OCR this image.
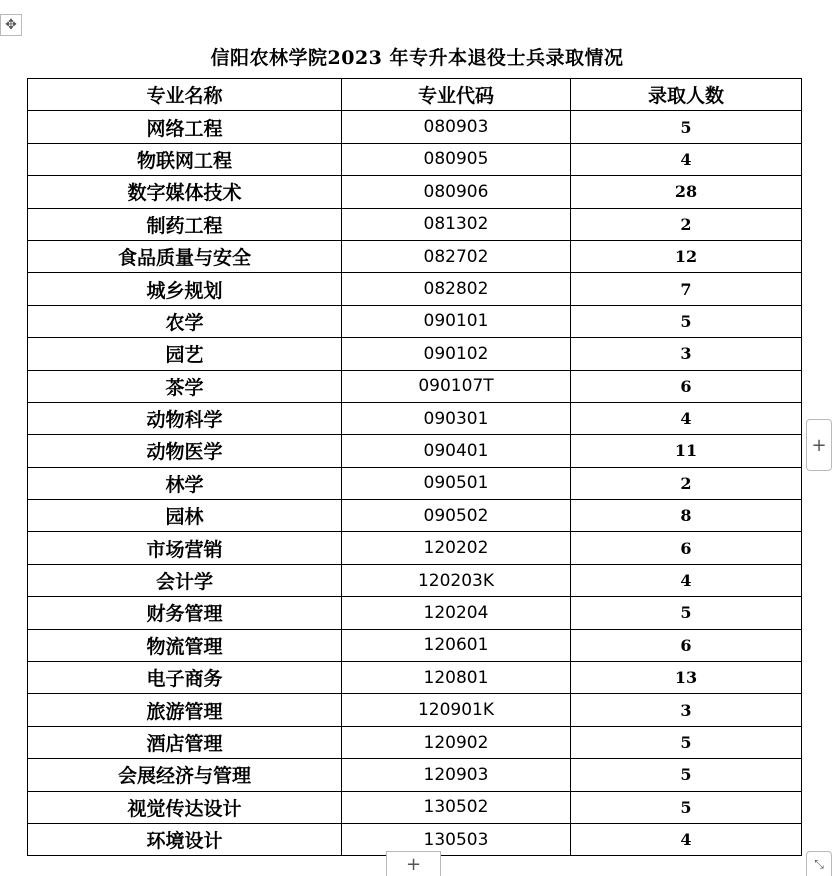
✥
信阳农林学院2023 年专升本退役士兵录取情况
专业名称	专业代码	录取人数
网络工程	080903	5
物联网工程	080905	4
数字媒体技术	080906	28
制药工程	081302	2
食品质量与安全	082702	12
城乡规划	082802	7
农学	090101	5
园艺	090102	3
茶学	090107T	6
动物科学	090301	4
动物医学	090401	11
林学	090501	2
园林	090502	8
市场营销	120202	6
会计学	120203K	4
财务管理	120204	5
物流管理	120601	6
电子商务	120801	13
旅游管理	120901K	3
酒店管理	120902	5
会展经济与管理	120903	5
视觉传达设计	130502	5
环境设计	130503	4
+
+	⤡
